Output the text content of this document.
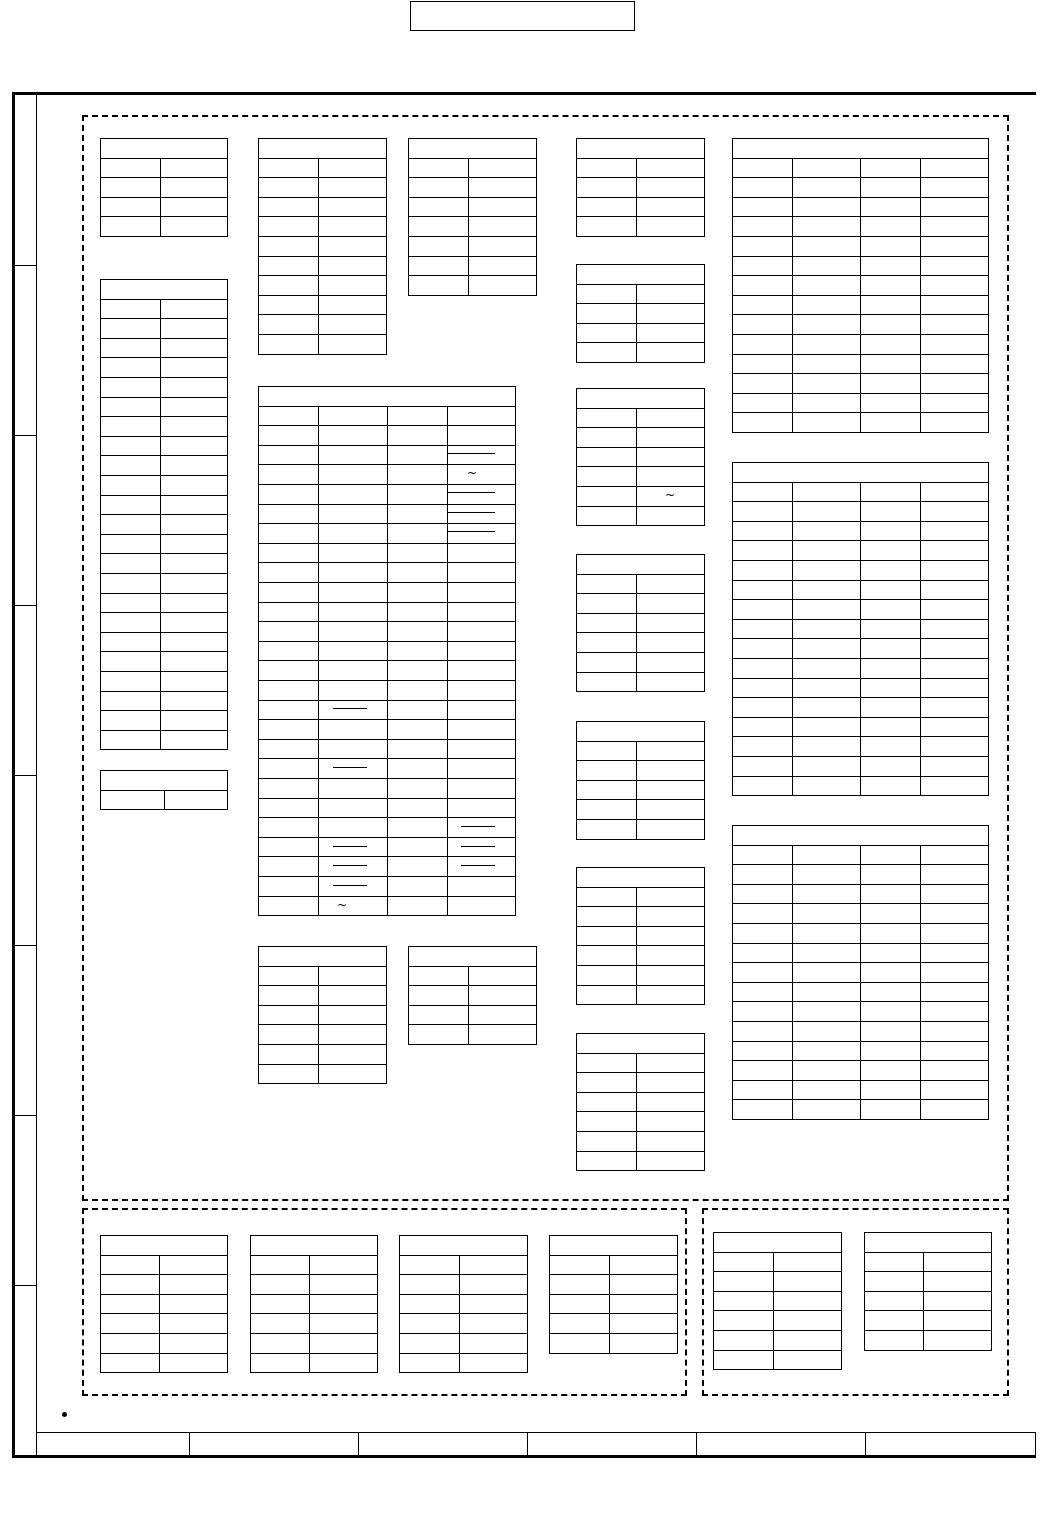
~
~
~
